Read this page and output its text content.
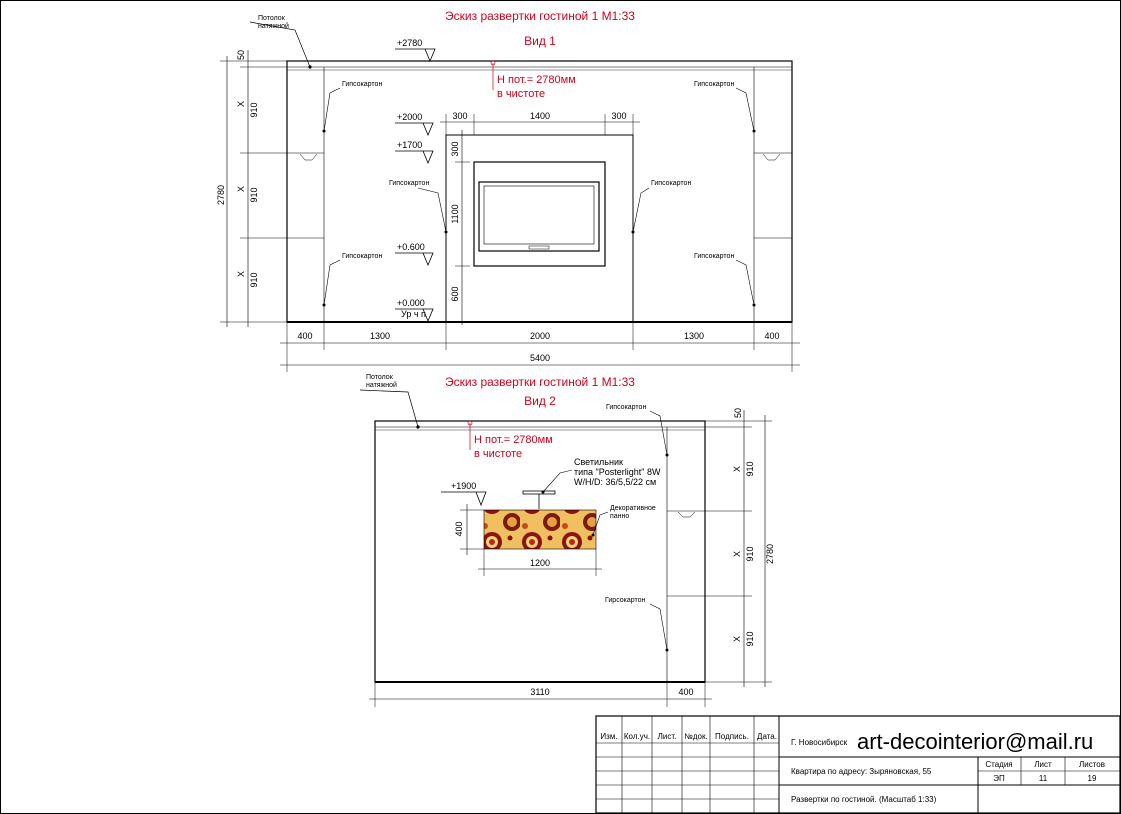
Эскиз развертки гостиной 1 М1:33
Вид 1
Потолок
натяжной
Н пот.= 2780мм
в чистоте
Гипсокартон
Гипсокартон
Гипсокартон
Гипсокартон
Гипсокартон
Гипсокартон
+2780
+2000
+1700
+0.600
+0.000
Ур ч п
300	1400	300
300
1100
600
50
910
910
910
X
X
X
2780
400	1300	2000	1300	400
5400
Эскиз развертки гостиной 1 М1:33
Вид 2
Потолок
натяжной
Н пот.= 2780мм
в чистоте
Гипсокартон
Гирсокартон
Светильник
типа "Posterlight" 8W
W/H/D: 36/5,5/22 см
+1900
Декоративное
панно
400
1200
50
910
910
910
X
X
X
2780
3110	400
Изм. Кол.уч. Лист. №док. Подпись. Дата.
Г. Новосибирск art-decointerior@mail.ru
Квартира по адресу: Зыряновская, 55
Развертки по гостиной. (Масштаб 1:33)
Стадия	Лист	Листов
ЭП	11	19
